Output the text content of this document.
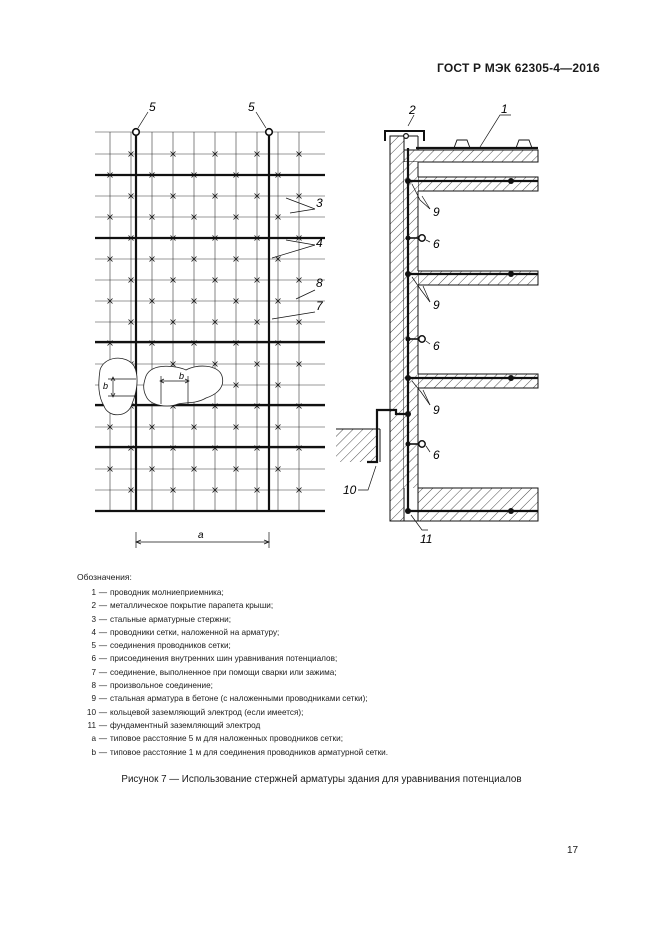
ГОСТ Р МЭК 62305-4—2016
b
b
a
5	5
3
4
8
7
2	1
9
6
9
6
9
6
10
11
Обозначения:
1 — проводник молниеприемника;
2 — металлическое покрытие парапета крыши;
3 — стальные арматурные стержни;
4 — проводники сетки, наложенной на арматуру;
5 — соединения проводников сетки;
6 — присоединения внутренних шин уравнивания потенциалов;
7 — соединение, выполненное при помощи сварки или зажима;
8 — произвольное соединение;
9 — стальная арматура в бетоне (с наложенными проводниками сетки);
10 — кольцевой заземляющий электрод (если имеется);
11 — фундаментный заземляющий электрод
a — типовое расстояние 5 м для наложенных проводников сетки;
b — типовое расстояние 1 м для соединения проводников арматурной сетки.
Рисунок 7 — Использование стержней арматуры здания для уравнивания потенциалов
17
